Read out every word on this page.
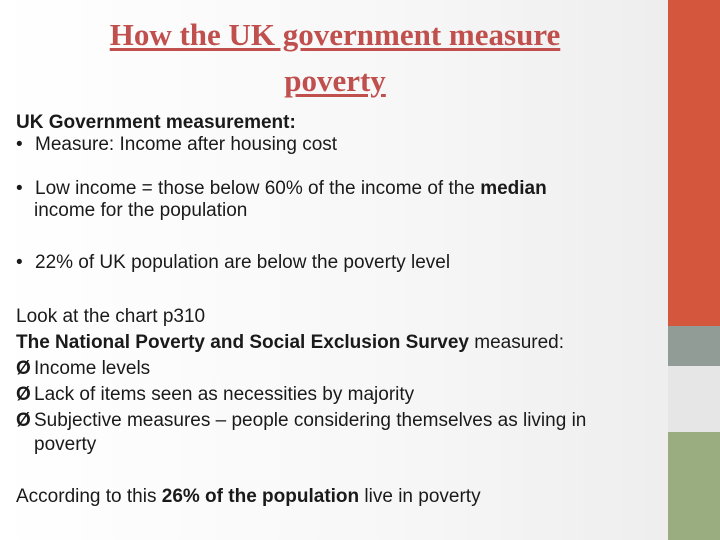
How the UK government measure
poverty

UK Government measurement:

• Measure: Income after housing cost

• Low income = those below 60% of the income of the median

income for the population

• 22% of UK population are below the poverty level

Look at the chart p310

The National Poverty and Social Exclusion Survey measured:

Ø Income levels

Ø Lack of items seen as necessities by majority

Ø Subjective measures – people considering themselves as living in

poverty

According to this 26% of the population live in poverty
